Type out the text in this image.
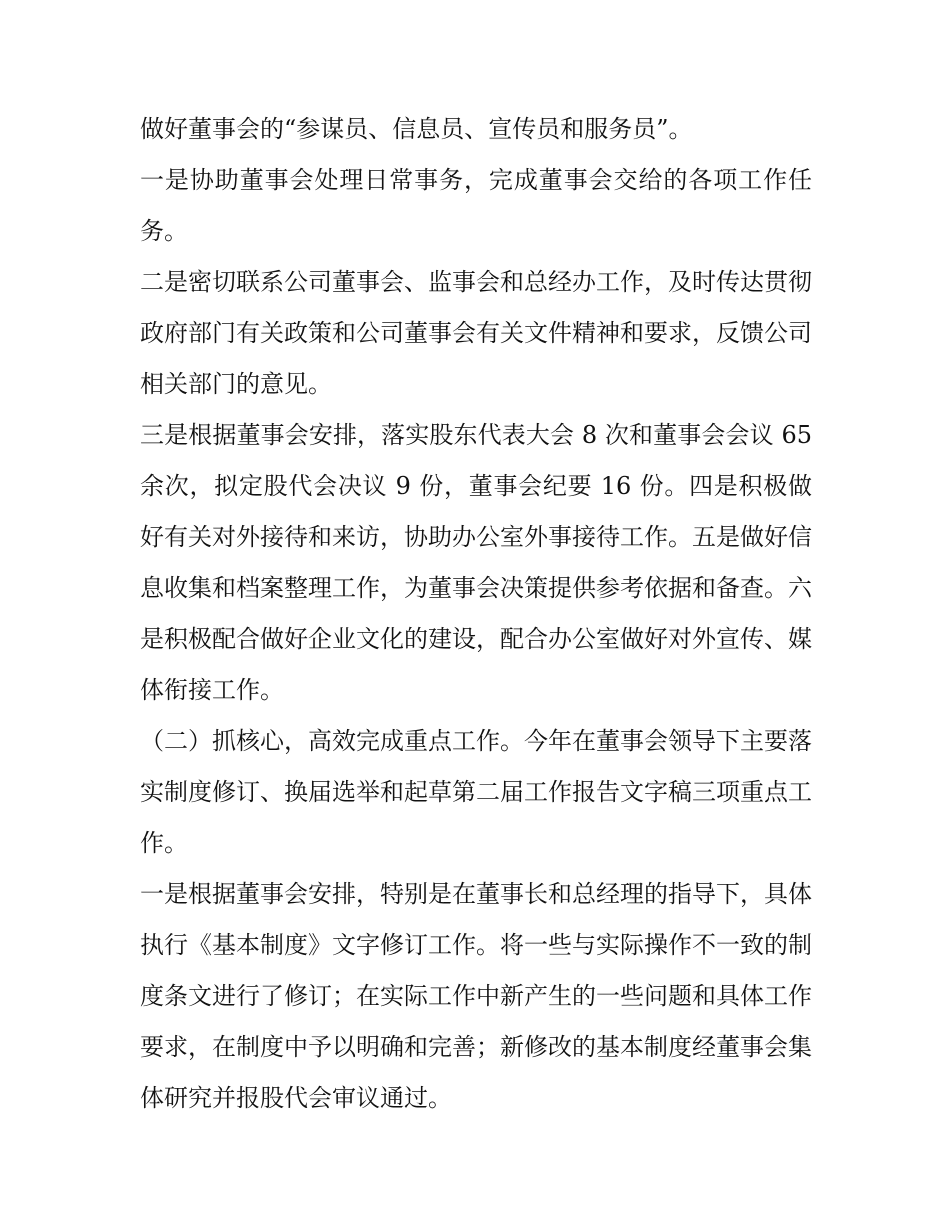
做好董事会的“参谋员、信息员、宣传员和服务员”。

一是协助董事会处理日常事务，完成董事会交给的各项工作任务。

二是密切联系公司董事会、监事会和总经办工作，及时传达贯彻政府部门有关政策和公司董事会有关文件精神和要求，反馈公司相关部门的意见。

三是根据董事会安排，落实股东代表大会 8 次和董事会会议 65 余次，拟定股代会决议 9 份，董事会纪要 16 份。四是积极做好有关对外接待和来访，协助办公室外事接待工作。五是做好信息收集和档案整理工作，为董事会决策提供参考依据和备查。六是积极配合做好企业文化的建设，配合办公室做好对外宣传、媒体衔接工作。

（二）抓核心，高效完成重点工作。今年在董事会领导下主要落实制度修订、换届选举和起草第二届工作报告文字稿三项重点工作。

一是根据董事会安排，特别是在董事长和总经理的指导下，具体执行《基本制度》文字修订工作。将一些与实际操作不一致的制度条文进行了修订；在实际工作中新产生的一些问题和具体工作要求，在制度中予以明确和完善；新修改的基本制度经董事会集体研究并报股代会审议通过。
